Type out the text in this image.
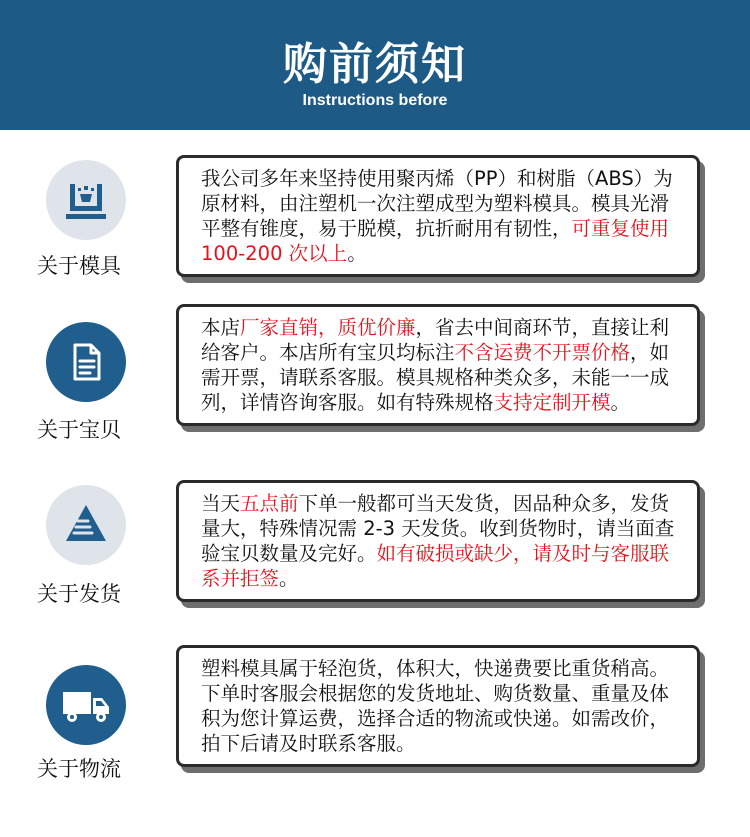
购前须知
Instructions before
关于模具
我公司多年来坚持使用聚丙烯（PP）和树脂（ABS）为原材料，由注塑机一次注塑成型为塑料模具。模具光滑平整有锥度，易于脱模，抗折耐用有韧性，可重复使用 100-200 次以上。
关于宝贝
本店厂家直销，质优价廉，省去中间商环节，直接让利给客户。本店所有宝贝均标注不含运费不开票价格，如需开票，请联系客服。模具规格种类众多，未能一一成列，详情咨询客服。如有特殊规格支持定制开模。
关于发货
当天五点前下单一般都可当天发货，因品种众多，发货量大，特殊情况需 2-3 天发货。收到货物时，请当面查验宝贝数量及完好。如有破损或缺少，请及时与客服联系并拒签。
关于物流
塑料模具属于轻泡货，体积大，快递费要比重货稍高。下单时客服会根据您的发货地址、购货数量、重量及体积为您计算运费，选择合适的物流或快递。如需改价，拍下后请及时联系客服。
